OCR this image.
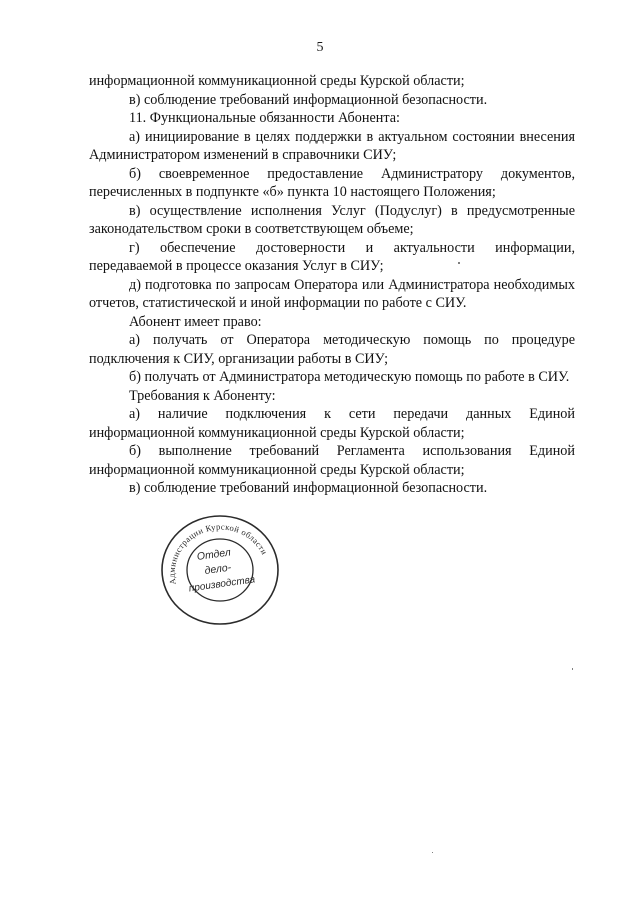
5

информационной коммуникационной среды Курской области;

в) соблюдение требований информационной безопасности.

11. Функциональные обязанности Абонента:

а) инициирование в целях поддержки в актуальном состоянии внесения Администратором изменений в справочники СИУ;

б) своевременное предоставление Администратору документов, перечисленных в подпункте «б» пункта 10 настоящего Положения;

в) осуществление исполнения Услуг (Подуслуг) в предусмотренные законодательством сроки в соответствующем объеме;

г) обеспечение достоверности и актуальности информации, передаваемой в процессе оказания Услуг в СИУ;

д) подготовка по запросам Оператора или Администратора необходимых отчетов, статистической и иной информации по работе с СИУ.

Абонент имеет право:

а) получать от Оператора методическую помощь по процедуре подключения к СИУ, организации работы в СИУ;

б) получать от Администратора методическую помощь по работе в СИУ.

Требования к Абоненту:

а) наличие подключения к сети передачи данных Единой информационной коммуникационной среды Курской области;

б) выполнение требований Регламента использования Единой информационной коммуникационной среды Курской области;

в) соблюдение требований информационной безопасности.

Администрации Курской области
Отдел
дело-
производства
